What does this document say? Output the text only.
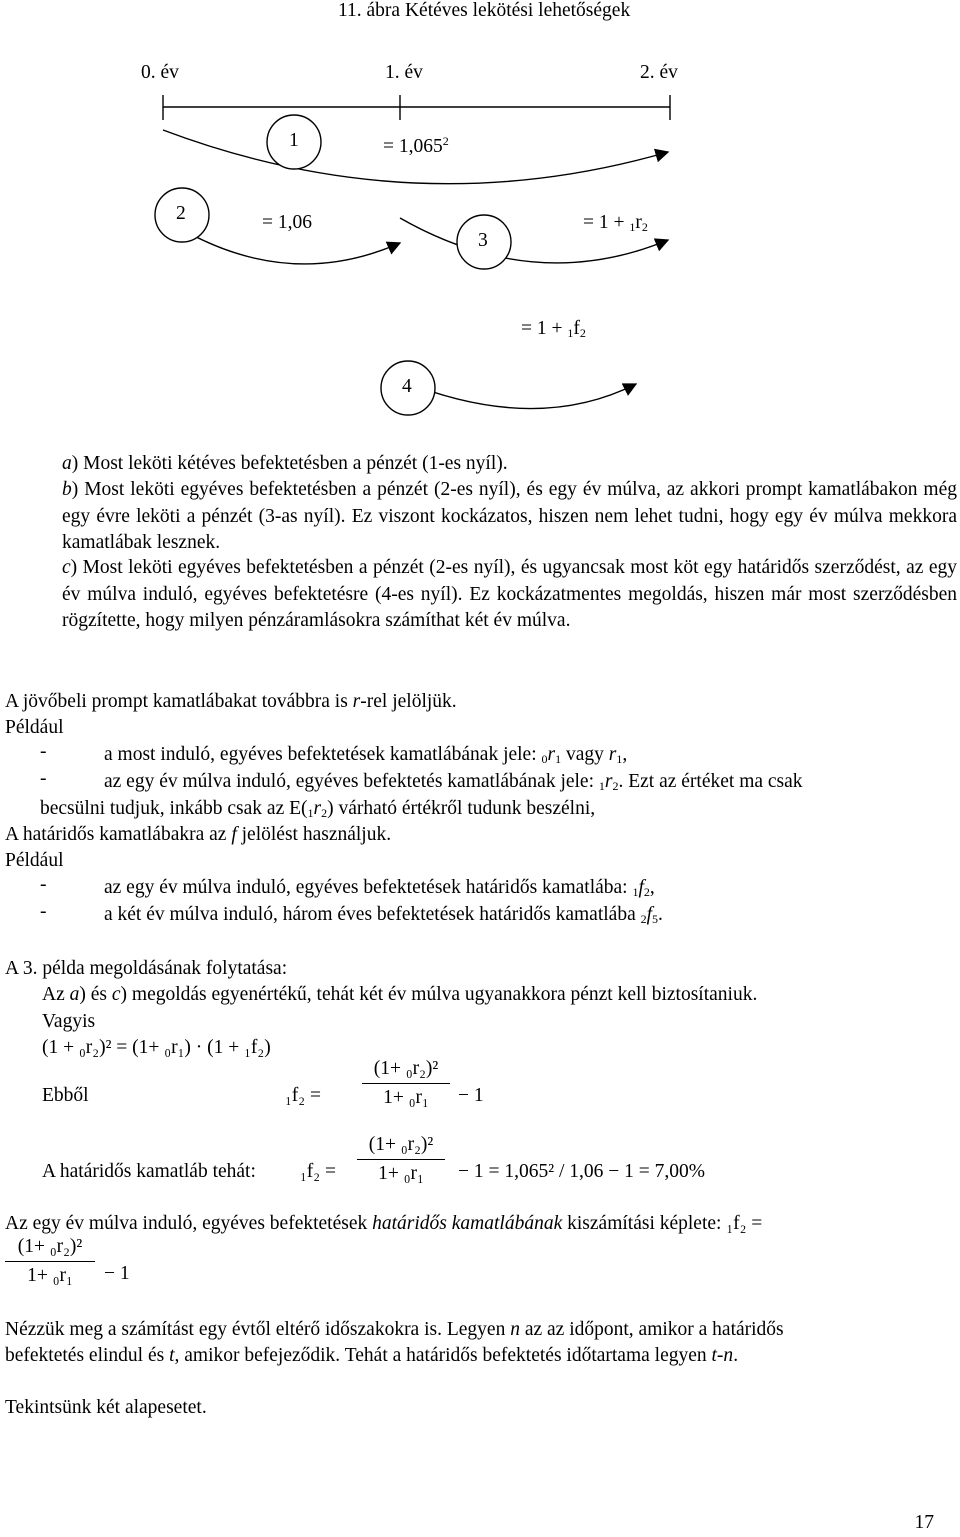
11. ábra Kétéves lekötési lehetőségek
0. év	1. év	2. év
1
2
3
4
= $1,065^2$
= 1,06	= $1 + _1r_2$
= $1 + _1f_2$
a) Most leköti kétéves befektetésben a pénzét (1-es nyíl).
b) Most leköti egyéves befektetésben a pénzét (2-es nyíl), és egy év múlva, az akkori prompt kamatlábakon még egy évre leköti a pénzét (3-as nyíl). Ez viszont kockázatos, hiszen nem lehet tudni, hogy egy év múlva mekkora kamatlábak lesznek.
c) Most leköti egyéves befektetésben a pénzét (2-es nyíl), és ugyancsak most köt egy határidős szerződést, az egy év múlva induló, egyéves befektetésre (4-es nyíl). Ez kockázatmentes megoldás, hiszen már most szerződésben rögzítette, hogy milyen pénzáramlásokra számíthat két év múlva.
A jövőbeli prompt kamatlábakat továbbra is r-rel jelöljük.
Például
-	a most induló, egyéves befektetések kamatlábának jele: $_0r_1$ vagy $r_1$,
-	az egy év múlva induló, egyéves befektetés kamatlábának jele: $_1r_2$. Ezt az értéket ma csak
becsülni tudjuk, inkább csak az $E(_1r_2)$ várható értékről tudunk beszélni,
A határidős kamatlábakra az f jelölést használjuk.
Például
-	az egy év múlva induló, egyéves befektetések határidős kamatlába: $_1f_2$,
-	a két év múlva induló, három éves befektetések határidős kamatlába $_2f_5$.
A 3. példa megoldásának folytatása:
Az a) és c) megoldás egyenértékű, tehát két év múlva ugyanakkora pénzt kell biztosítaniuk.
Vagyis
(1 + ₀r₂)² = (1+ ₀r₁) · (1 + ₁f₂)
Ebből	₁f₂ =
(1+ ₀r₂)²
1+ ₀r₁	− 1
A határidős kamatláb tehát: ₁f₂ =
(1+ ₀r₂)²
1+ ₀r₁	− 1 = 1,065² / 1,06 − 1 = 7,00%
Az egy év múlva induló, egyéves befektetések határidős kamatlábának kiszámítási képlete: ₁f₂ =
(1+ ₀r₂)²
1+ ₀r₁	− 1
Nézzük meg a számítást egy évtől eltérő időszakokra is. Legyen n az az időpont, amikor a határidős
befektetés elindul és t, amikor befejeződik. Tehát a határidős befektetés időtartama legyen t-n.
Tekintsünk két alapesetet.
17
